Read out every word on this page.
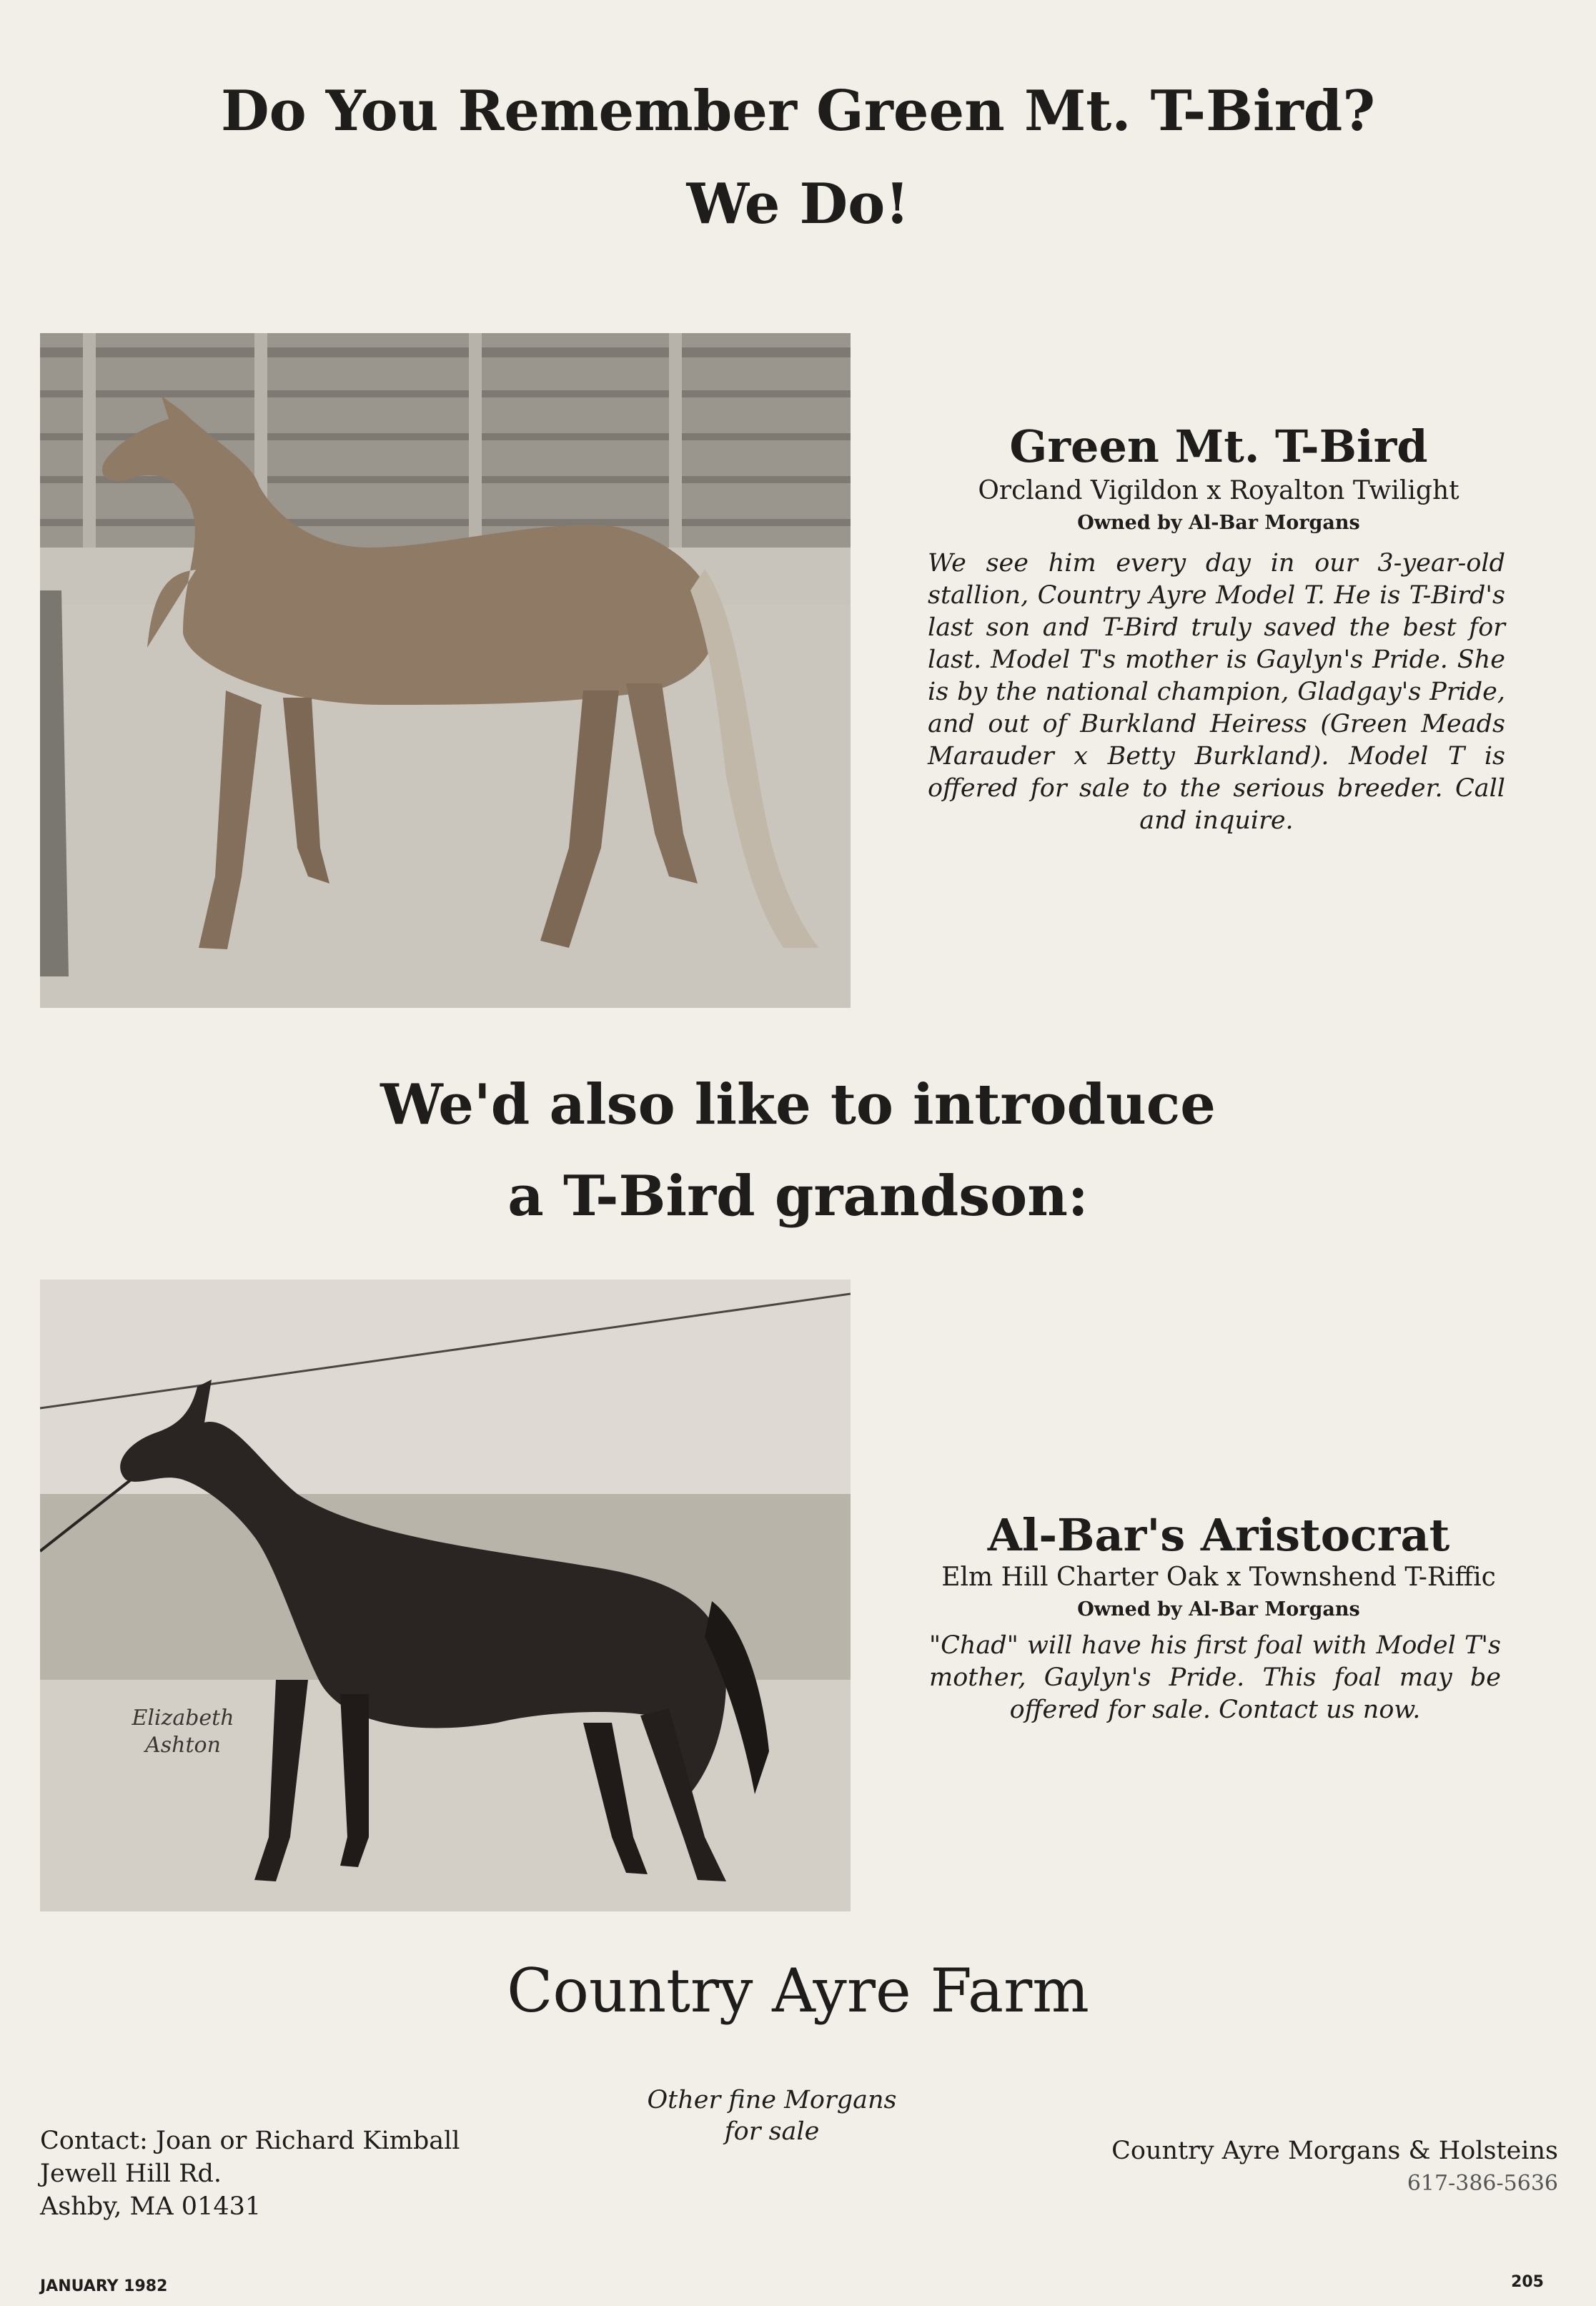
Do You Remember Green Mt. T-Bird?
We Do!
Green Mt. T-Bird
Orcland Vigildon x Royalton Twilight
Owned by Al-Bar Morgans
We see him every day in our 3-year-old stallion, Country Ayre Model T. He is T-Bird's last son and T-Bird truly saved the best for last. Model T's mother is Gaylyn's Pride. She is by the national champion, Gladgay's Pride, and out of Burkland Heiress (Green Meads Marauder x Betty Burkland). Model T is offered for sale to the serious breeder. Call and inquire.
We'd also like to introduce
a T-Bird grandson:
Elizabeth
Ashton
Al-Bar's Aristocrat
Elm Hill Charter Oak x Townshend T-Riffic
Owned by Al-Bar Morgans
"Chad" will have his first foal with Model T's mother, Gaylyn's Pride. This foal may be offered for sale. Contact us now.
Country Ayre Farm
Contact: Joan or Richard Kimball
Jewell Hill Rd.
Ashby, MA 01431
Other fine Morgans
for sale
Country Ayre Morgans & Holsteins
617-386-5636
JANUARY 1982	205
